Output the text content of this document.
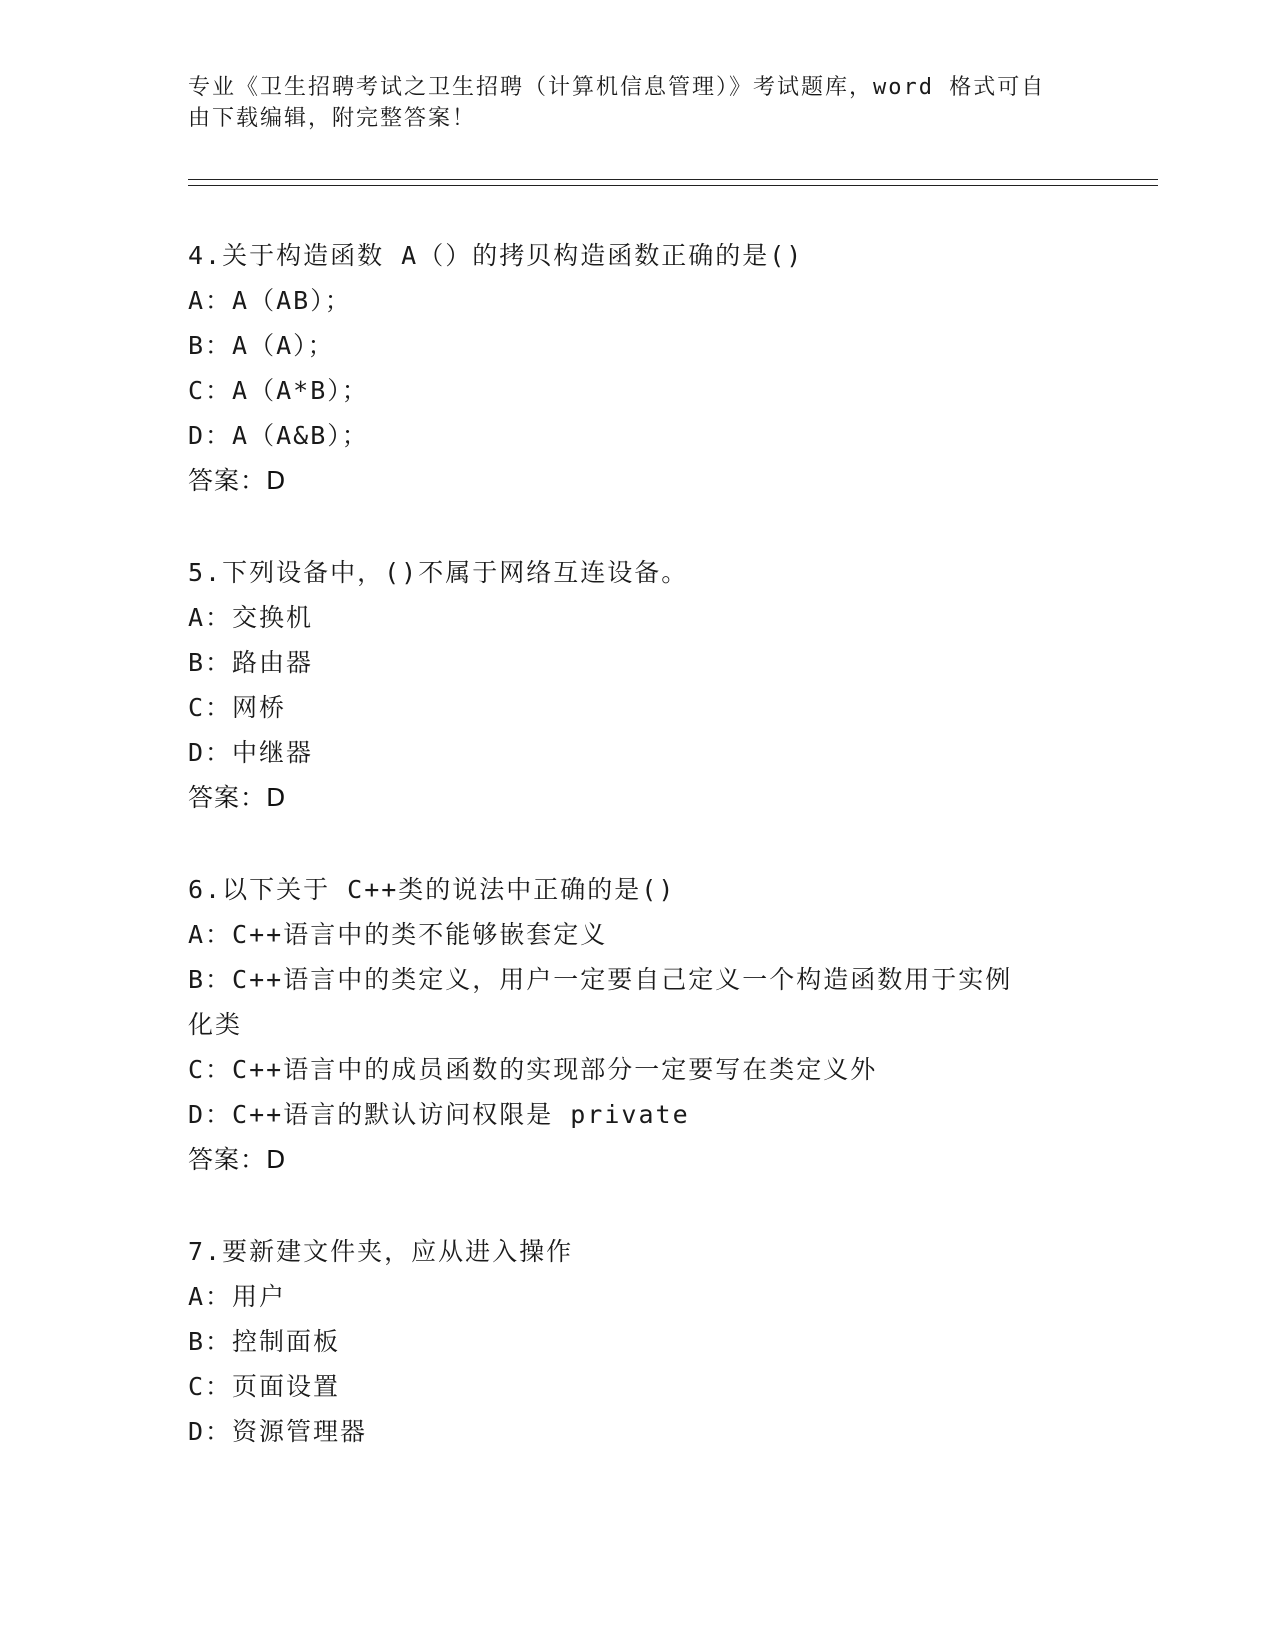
专业《卫生招聘考试之卫生招聘（计算机信息管理）》考试题库，word 格式可自
由下载编辑，附完整答案！
4.关于构造函数 A（）的拷贝构造函数正确的是()
A：A（AB）；
B：A（A）；
C：A（A*B）；
D：A（A&B）；
答案：D
5.下列设备中，()不属于网络互连设备。
A：交换机
B：路由器
C：网桥
D：中继器
答案：D
6.以下关于 C++类的说法中正确的是()
A：C++语言中的类不能够嵌套定义
B：C++语言中的类定义，用户一定要自己定义一个构造函数用于实例
化类
C：C++语言中的成员函数的实现部分一定要写在类定义外
D：C++语言的默认访问权限是 private
答案：D
7.要新建文件夹，应从进入操作
A：用户
B：控制面板
C：页面设置
D：资源管理器
